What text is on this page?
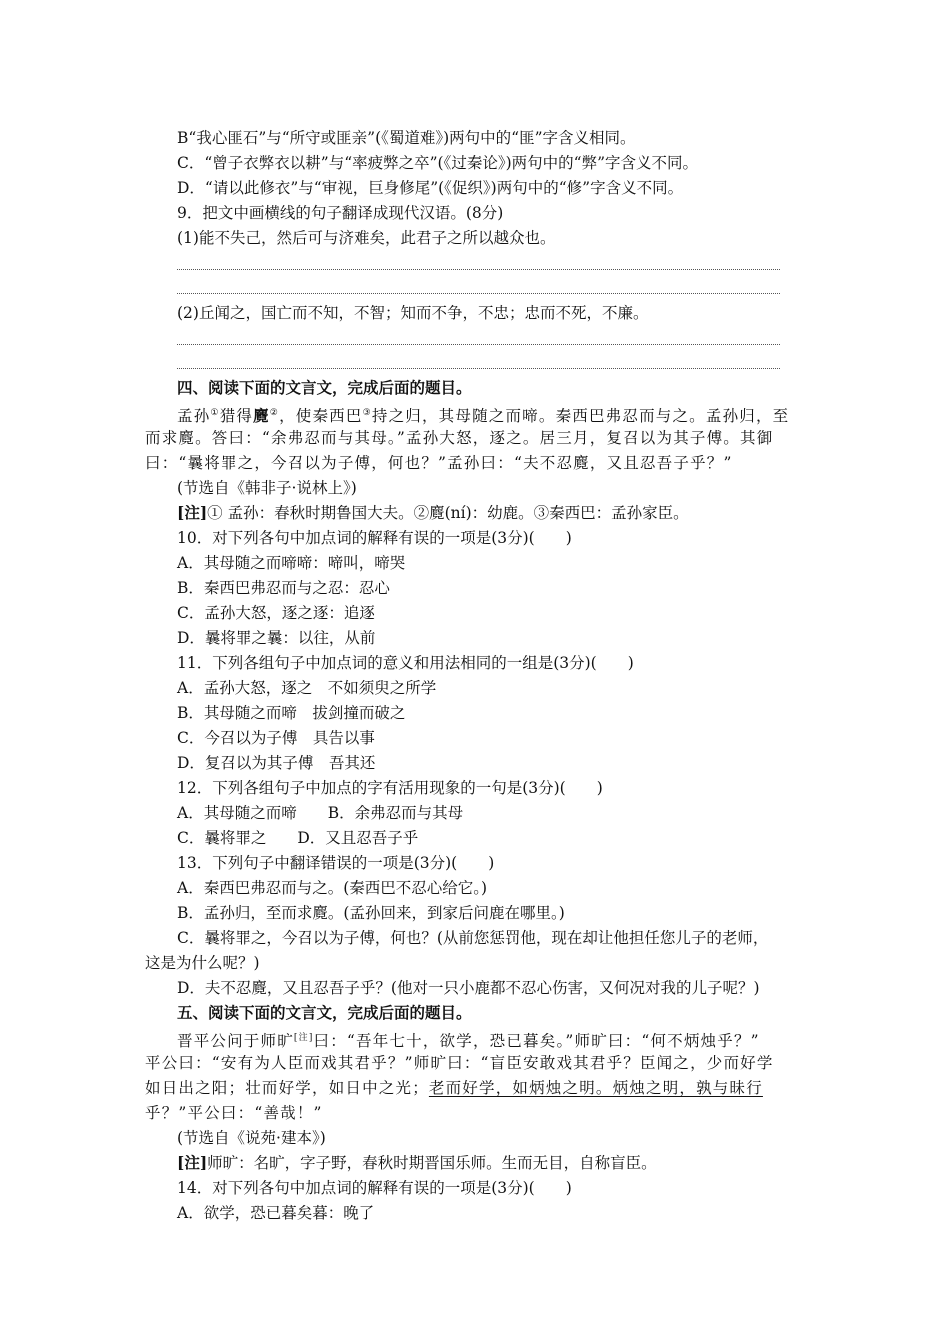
B“我心匪石”与“所守或匪亲”(《蜀道难》)两句中的“匪”字含义相同。
C．“曾子衣弊衣以耕”与“率疲弊之卒”(《过秦论》)两句中的“弊”字含义不同。
D．“请以此修衣”与“审视，巨身修尾”(《促织》)两句中的“修”字含义不同。
9．把文中画横线的句子翻译成现代汉语。(8分)
(1)能不失己，然后可与济难矣，此君子之所以越众也。
(2)丘闻之，国亡而不知，不智；知而不争，不忠；忠而不死，不廉。
四、阅读下面的文言文，完成后面的题目。
孟孙①猎得麑②，使秦西巴③持之归，其母随之而啼。秦西巴弗忍而与之。孟孙归，至
而求麑。答曰：“余弗忍而与其母。”孟孙大怒，逐之。居三月，复召以为其子傅。其御
曰：“曩将罪之，今召以为子傅，何也？”孟孙曰：“夫不忍麑，又且忍吾子乎？”
(节选自《韩非子·说林上》)
[注]① 孟孙：春秋时期鲁国大夫。②麑(ní)：幼鹿。③秦西巴：孟孙家臣。
10．对下列各句中加点词的解释有误的一项是(3分)(　　)
A．其母随之而啼啼：啼叫，啼哭
B．秦西巴弗忍而与之忍：忍心
C．孟孙大怒，逐之逐：追逐
D．曩将罪之曩：以往，从前
11．下列各组句子中加点词的意义和用法相同的一组是(3分)(　　)
A．孟孙大怒，逐之　不如须臾之所学
B．其母随之而啼　拔剑撞而破之
C．今召以为子傅　具告以事
D．复召以为其子傅　吾其还
12．下列各组句子中加点的字有活用现象的一句是(3分)(　　)
A．其母随之而啼　　B．余弗忍而与其母
C．曩将罪之　　D．又且忍吾子乎
13．下列句子中翻译错误的一项是(3分)(　　)
A．秦西巴弗忍而与之。(秦西巴不忍心给它。)
B．孟孙归，至而求麑。(孟孙回来，到家后问鹿在哪里。)
C．曩将罪之，今召以为子傅，何也？(从前您惩罚他，现在却让他担任您儿子的老师，
这是为什么呢？)
D．夫不忍麑，又且忍吾子乎？(他对一只小鹿都不忍心伤害，又何况对我的儿子呢？)
五、阅读下面的文言文，完成后面的题目。
晋平公问于师旷[注]曰：“吾年七十，欲学，恐已暮矣。”师旷曰：“何不炳烛乎？”
平公曰：“安有为人臣而戏其君乎？”师旷曰：“盲臣安敢戏其君乎？臣闻之，少而好学
如日出之阳；壮而好学，如日中之光；老而好学，如炳烛之明。炳烛之明，孰与昧行
乎？”平公曰：“善哉！”
(节选自《说苑·建本》)
[注]师旷：名旷，字子野，春秋时期晋国乐师。生而无目，自称盲臣。
14．对下列各句中加点词的解释有误的一项是(3分)(　　)
A．欲学，恐已暮矣暮：晚了
